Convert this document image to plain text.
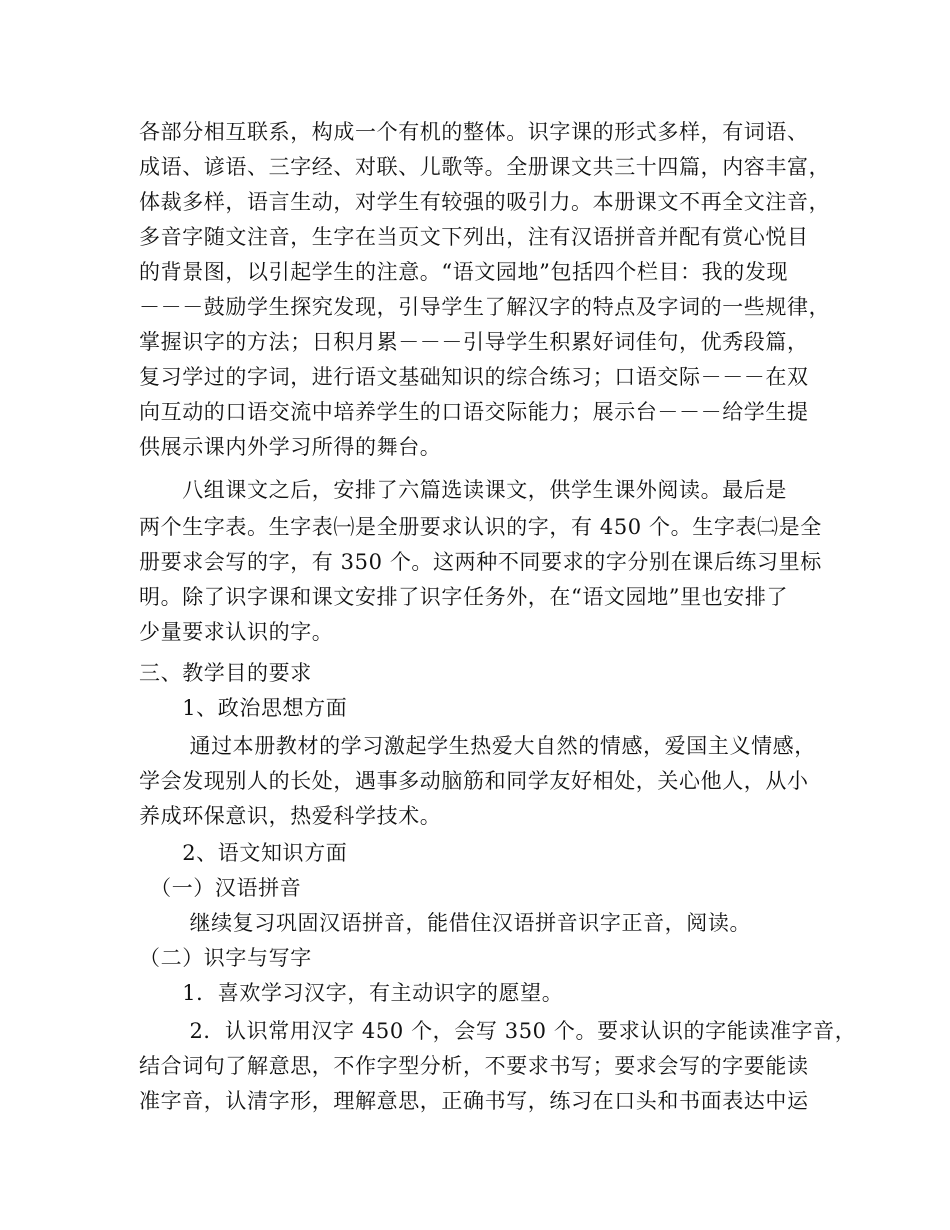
各部分相互联系，构成一个有机的整体。识字课的形式多样，有词语、
成语、谚语、三字经、对联、儿歌等。全册课文共三十四篇，内容丰富，
体裁多样，语言生动，对学生有较强的吸引力。本册课文不再全文注音，
多音字随文注音，生字在当页文下列出，注有汉语拼音并配有赏心悦目
的背景图，以引起学生的注意。“语文园地”包括四个栏目：我的发现
－－－鼓励学生探究发现，引导学生了解汉字的特点及字词的一些规律，
掌握识字的方法；日积月累－－－引导学生积累好词佳句，优秀段篇，
复习学过的字词，进行语文基础知识的综合练习；口语交际－－－在双
向互动的口语交流中培养学生的口语交际能力；展示台－－－给学生提
供展示课内外学习所得的舞台。
　　八组课文之后，安排了六篇选读课文，供学生课外阅读。最后是
两个生字表。生字表㈠是全册要求认识的字，有 450 个。生字表㈡是全
册要求会写的字，有 350 个。这两种不同要求的字分别在课后练习里标
明。除了识字课和课文安排了识字任务外，在“语文园地”里也安排了
少量要求认识的字。
三、教学目的要求
　　1、政治思想方面
　　 通过本册教材的学习激起学生热爱大自然的情感，爱国主义情感，
学会发现别人的长处，遇事多动脑筋和同学友好相处，关心他人，从小
养成环保意识，热爱科学技术。
　　2、语文知识方面
　（一）汉语拼音
　　 继续复习巩固汉语拼音，能借住汉语拼音识字正音，阅读。
（二）识字与写字
　　1．喜欢学习汉字，有主动识字的愿望。
　　 2．认识常用汉字 450 个，会写 350 个。要求认识的字能读准字音，
结合词句了解意思，不作字型分析，不要求书写；要求会写的字要能读
准字音，认清字形，理解意思，正确书写，练习在口头和书面表达中运
